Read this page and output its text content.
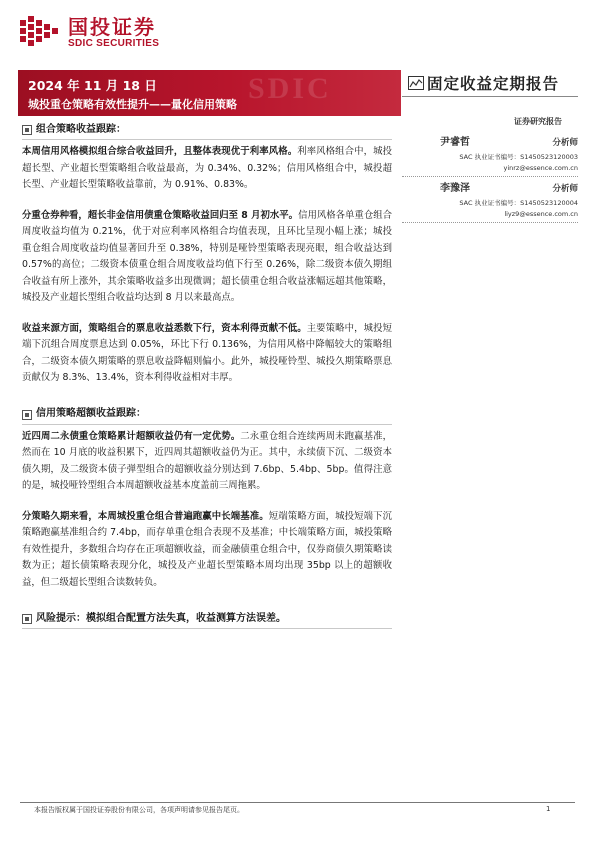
国投证券
SDIC SECURITIES
SDIC
2024 年 11 月 18 日
城投重仓策略有效性提升——量化信用策略
固定收益定期报告
证券研究报告
尹睿哲	分析师
SAC 执业证书编号：S1450523120003
yinrz@essence.com.cn
李豫泽	分析师
SAC 执业证书编号：S1450523120004
liyz9@essence.com.cn
组合策略收益跟踪：

本周信用风格模拟组合综合收益回升，且整体表现优于利率风格。利率风格组合中，城投超长型、产业超长型策略组合收益最高，为 0.34%、0.32%；信用风格组合中，城投超长型、产业超长型策略收益靠前，为 0.91%、0.83%。

分重仓券种看，超长非金信用债重仓策略收益回归至 8 月初水平。信用风格各单重仓组合周度收益均值为 0.21%，优于对应利率风格组合均值表现，且环比呈现小幅上涨；城投重仓组合周度收益均值显著回升至 0.38%，特别是哑铃型策略表现亮眼，组合收益达到 0.57%的高位；二级资本债重仓组合周度收益均值下行至 0.26%，除二级资本债久期组合收益有所上涨外，其余策略收益多出现微调；超长债重仓组合收益涨幅远超其他策略，城投及产业超长型组合收益均达到 8 月以来最高点。

收益来源方面，策略组合的票息收益悉数下行，资本利得贡献不低。主要策略中，城投短端下沉组合周度票息达到 0.05%，环比下行 0.136%，为信用风格中降幅较大的策略组合，二级资本债久期策略的票息收益降幅则偏小。此外，城投哑铃型、城投久期策略票息贡献仅为 8.3%、13.4%，资本利得收益相对丰厚。

信用策略超额收益跟踪：

近四周二永债重仓策略累计超额收益仍有一定优势。二永重仓组合连续两周未跑赢基准，然而在 10 月底的收益积累下，近四周其超额收益仍为正。其中，永续债下沉、二级资本债久期，及二级资本债子弹型组合的超额收益分别达到 7.6bp、5.4bp、5bp。值得注意的是，城投哑铃型组合本周超额收益基本度盖前三周拖累。

分策略久期来看，本周城投重仓组合普遍跑赢中长端基准。短端策略方面，城投短端下沉策略跑赢基准组合约 7.4bp，而存单重仓组合表现不及基准；中长端策略方面，城投策略有效性提升，多数组合均存在正项超额收益，而金融债重仓组合中，仅券商债久期策略读数为正；超长债策略表现分化，城投及产业超长型策略本周均出现 35bp 以上的超额收益，但二级超长型组合读数转负。

风险提示：模拟组合配置方法失真，收益测算方法误差。
本报告版权属于国投证券股份有限公司，各项声明请参见报告尾页。	1
